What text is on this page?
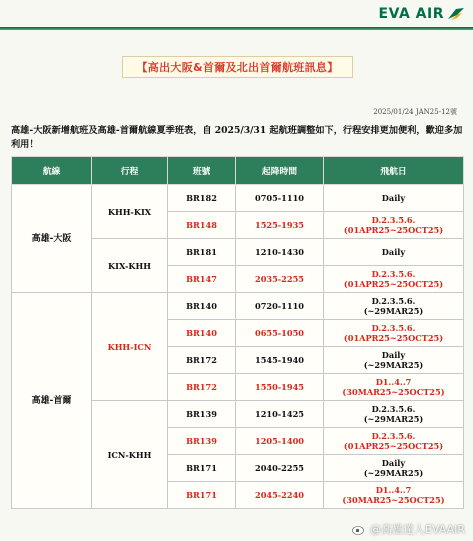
EVA AIR
【高出大阪&首爾及北出首爾航班訊息】
2025/01/24 JAN25-12號
高雄-大阪新增航班及高雄-首爾航線夏季班表，自 2025/3/31 起航班調整如下，行程安排更加便利，歡迎多加利用！
航線	行程	班號	起降時間	飛航日
高雄-大阪	KHH-KIX	BR182	0705-1110	Daily

		BR148	1525-1935	D.2.3.5.6.
(01APR25~25OCT25)

	KIX-KHH	BR181	1210-1430	Daily

		BR147	2035-2255	D.2.3.5.6.
(01APR25~25OCT25)

高雄-首爾	KHH-ICN	BR140	0720-1110	D.2.3.5.6.
(~29MAR25)

		BR140	0655-1050	D.2.3.5.6.
(01APR25~25OCT25)

		BR172	1545-1940	Daily
(~29MAR25)

		BR172	1550-1945	D1..4..7
(30MAR25~25OCT25)

	ICN-KHH	BR139	1210-1425	D.2.3.5.6.
(~29MAR25)

		BR139	1205-1400	D.2.3.5.6.
(01APR25~25OCT25)

		BR171	2040-2255	Daily
(~29MAR25)

		BR171	2045-2240	D1..4..7
(30MAR25~25OCT25)
@高雄達人EVAAIR
